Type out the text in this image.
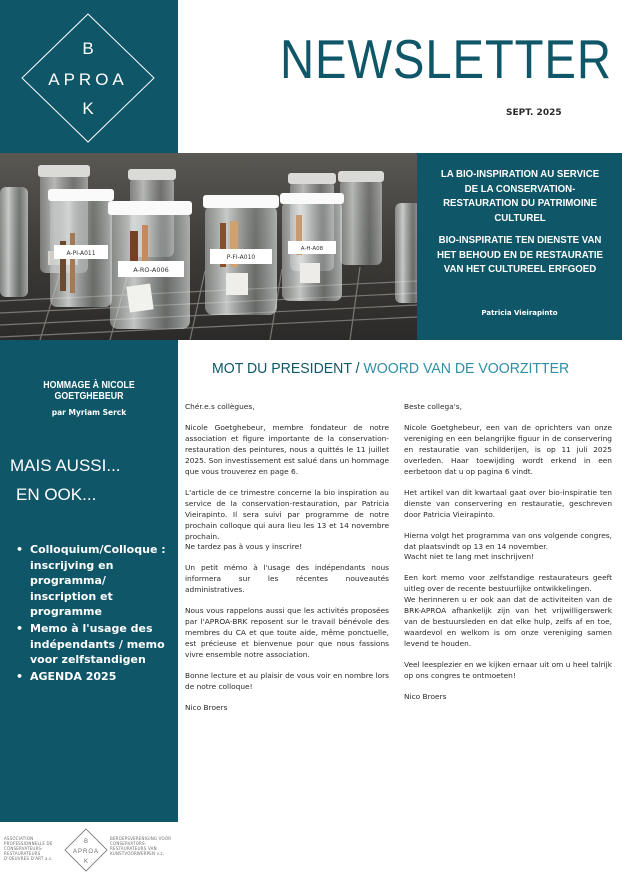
B
APROA
K
NEWSLETTER
SEPT. 2025
A-PI-A011
A-RO-A006
P-FI-A010
A-H-A08
LA BIO-INSPIRATION AU SERVICE DE LA CONSERVATION-RESTAURATION DU PATRIMOINE CULTUREL
BIO-INSPIRATIE TEN DIENSTE VAN HET BEHOUD EN DE RESTAURATIE VAN HET CULTUREEL ERFGOED
Patricia Vieirapinto
HOMMAGE À NICOLE GOETGHEBEUR
par Myriam Serck
MAIS AUSSI...
EN OOK...
• Colloquium/Colloque : inscrijving en programma/ inscription et programme
• Memo à l'usage des indépendants / memo voor zelfstandigen
• AGENDA 2025
ASSOCIATION PROFESSIONNELLE DE CONSERVATEURS-RESTAURATEURS D'OEUVRES D'ART a.s.
B
APROA
K
BEROEPSVERENIGING VOOR CONSERVATORS-RESTAURATEURS VAN KUNSTVOORWERPEN v.z.
MOT DU PRESIDENT / WOORD VAN DE VOORZITTER

Chér.e.s collègues,

Nicole Goetghebeur, membre fondateur de notre association et figure importante de la conservation-restauration des peintures, nous a quittés le 11 juillet 2025. Son investissement est salué dans un hommage que vous trouverez en page 6.

L'article de ce trimestre concerne la bio inspiration au service de la conservation-restauration, par Patricia Vieirapinto. Il sera suivi par programme de notre prochain colloque qui aura lieu les 13 et 14 novembre prochain.

Ne tardez pas à vous y inscrire!

Un petit mémo à l'usage des indépendants nous informera sur les récentes nouveautés administratives.

Nous vous rappelons aussi que les activités proposées par l'APROA-BRK reposent sur le travail bénévole des membres du CA et que toute aide, même ponctuelle, est précieuse et bienvenue pour que nous fassions vivre ensemble notre association.

Bonne lecture et au plaisir de vous voir en nombre lors de notre colloque!

Nico Broers

Beste collega's,

Nicole Goetghebeur, een van de oprichters van onze vereniging en een belangrijke figuur in de conservering en restauratie van schilderijen, is op 11 juli 2025 overleden. Haar toewijding wordt erkend in een eerbetoon dat u op pagina 6 vindt.

Het artikel van dit kwartaal gaat over bio-inspiratie ten dienste van conservering en restauratie, geschreven door Patricia Vieirapinto.

Hierna volgt het programma van ons volgende congres, dat plaatsvindt op 13 en 14 november.

Wacht niet te lang met inschrijven!

Een kort memo voor zelfstandige restaurateurs geeft uitleg over de recente bestuurlijke ontwikkelingen.

We herinneren u er ook aan dat de activiteiten van de BRK-APROA afhankelijk zijn van het vrijwilligerswerk van de bestuursleden en dat elke hulp, zelfs af en toe, waardevol en welkom is om onze vereniging samen levend te houden.

Veel leesplezier en we kijken ernaar uit om u heel talrijk op ons congres te ontmoeten!

Nico Broers
